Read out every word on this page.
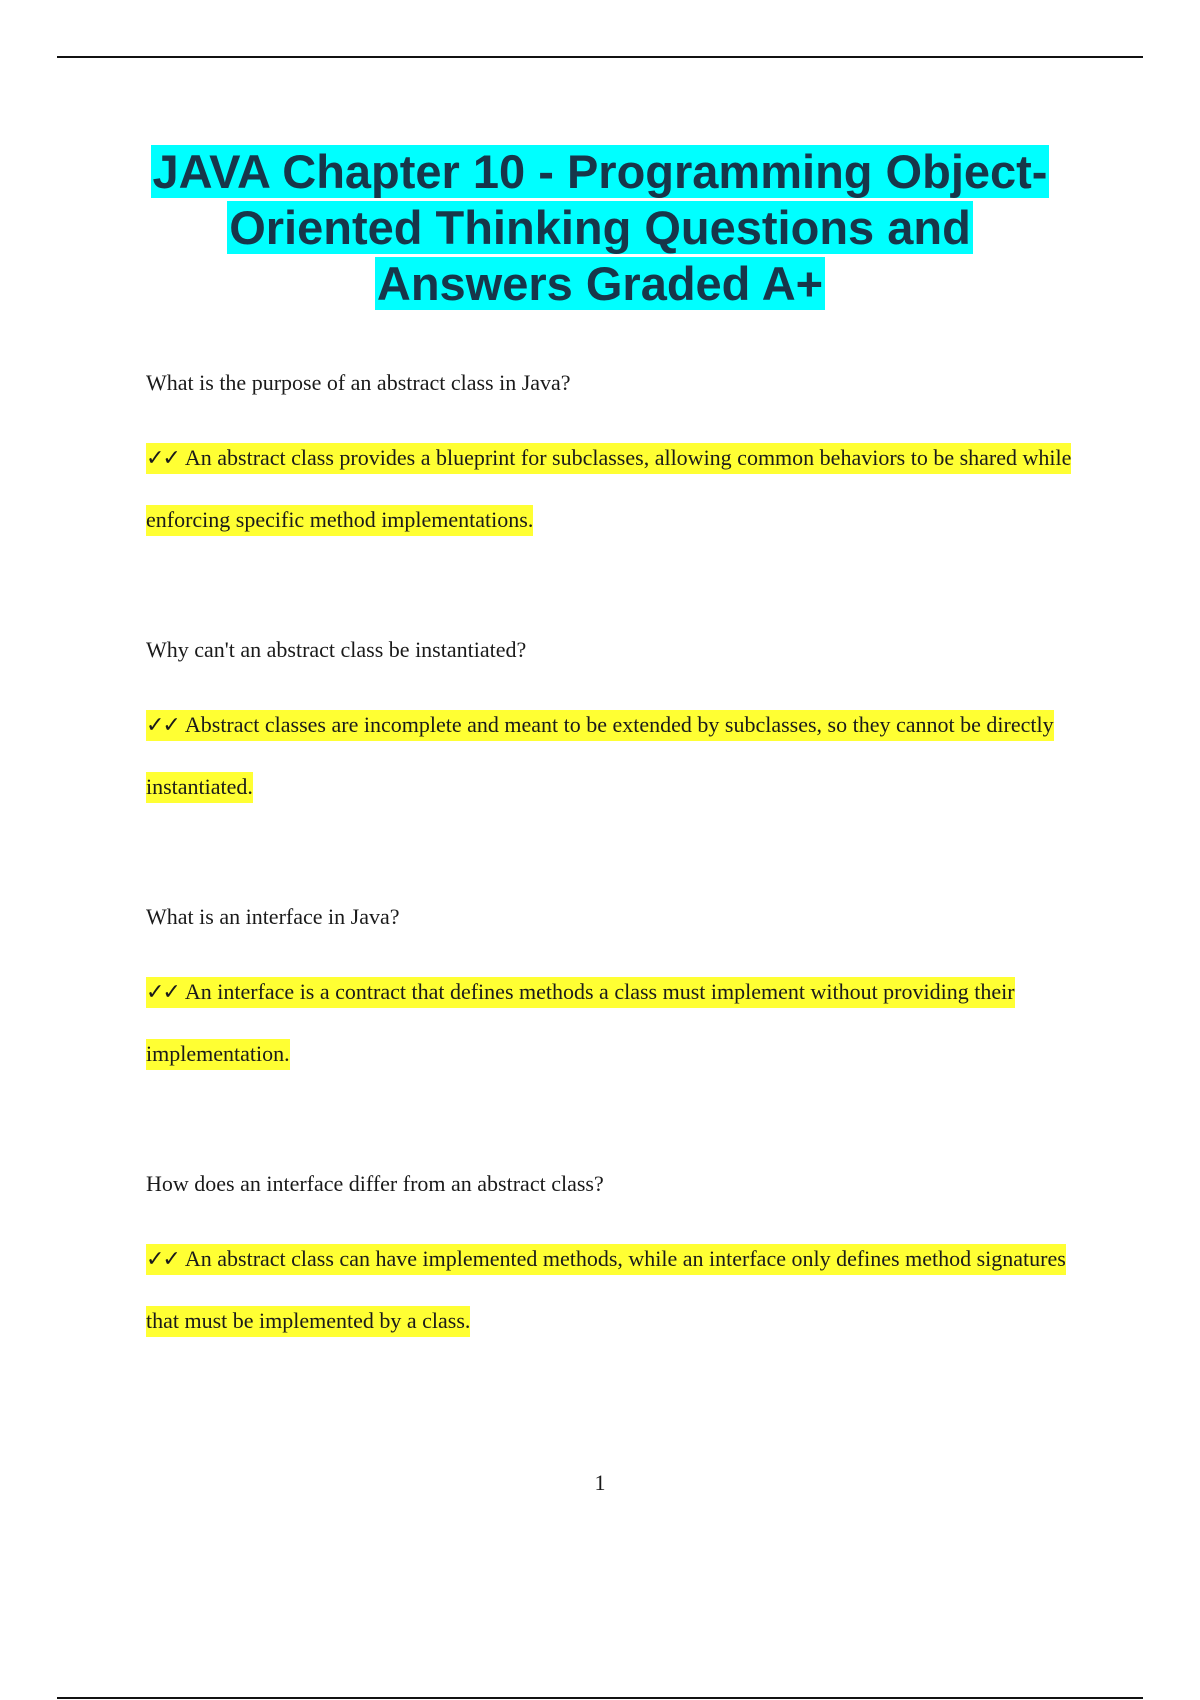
JAVA Chapter 10 - Programming Object-
Oriented Thinking Questions and
Answers Graded A+

What is the purpose of an abstract class in Java?

✓✓ An abstract class provides a blueprint for subclasses, allowing common behaviors to be shared while enforcing specific method implementations.

Why can't an abstract class be instantiated?

✓✓ Abstract classes are incomplete and meant to be extended by subclasses, so they cannot be directly instantiated.

What is an interface in Java?

✓✓ An interface is a contract that defines methods a class must implement without providing their implementation.

How does an interface differ from an abstract class?

✓✓ An abstract class can have implemented methods, while an interface only defines method signatures that must be implemented by a class.

1
